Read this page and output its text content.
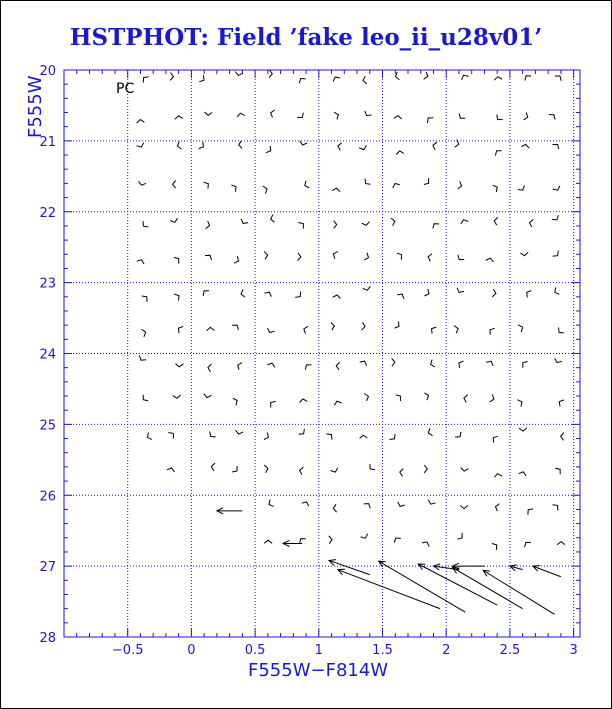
HSTPHOT: Field ’fake leo_ii_u28v01’
−0.5	0	0.5	1	1.5	2	2.5	3
20
21
22
23
24
25
26
27
28
PC
F555W−F814W
F555W
